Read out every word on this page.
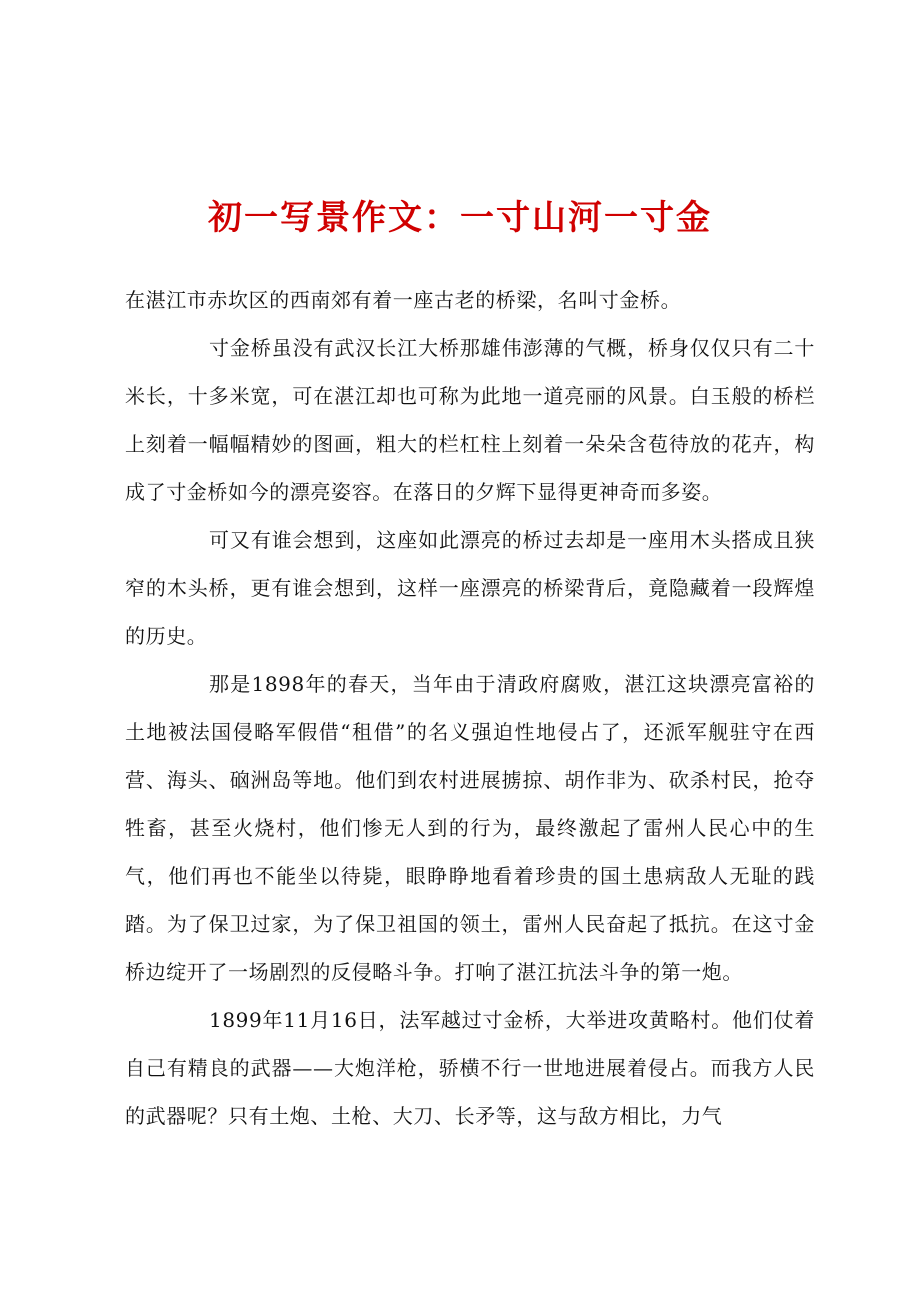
初一写景作文：一寸山河一寸金

在湛江市赤坎区的西南郊有着一座古老的桥梁，名叫寸金桥。

寸金桥虽没有武汉长江大桥那雄伟澎薄的气概，桥身仅仅只有二十米长，十多米宽，可在湛江却也可称为此地一道亮丽的风景。白玉般的桥栏上刻着一幅幅精妙的图画，粗大的栏杠柱上刻着一朵朵含苞待放的花卉，构成了寸金桥如今的漂亮姿容。在落日的夕辉下显得更神奇而多姿。

可又有谁会想到，这座如此漂亮的桥过去却是一座用木头搭成且狭窄的木头桥，更有谁会想到，这样一座漂亮的桥梁背后，竟隐藏着一段辉煌的历史。

那是1898年的春天，当年由于清政府腐败，湛江这块漂亮富裕的土地被法国侵略军假借“租借”的名义强迫性地侵占了，还派军舰驻守在西营、海头、硇洲岛等地。他们到农村进展掳掠、胡作非为、砍杀村民，抢夺牲畜，甚至火烧村，他们惨无人到的行为，最终激起了雷州人民心中的生气，他们再也不能坐以待毙，眼睁睁地看着珍贵的国土患病敌人无耻的践踏。为了保卫过家，为了保卫祖国的领土，雷州人民奋起了抵抗。在这寸金桥边绽开了一场剧烈的反侵略斗争。打响了湛江抗法斗争的第一炮。

1899年11月16日，法军越过寸金桥，大举进攻黄略村。他们仗着自己有精良的武器——大炮洋枪，骄横不行一世地进展着侵占。而我方人民的武器呢？只有土炮、土枪、大刀、长矛等，这与敌方相比，力气
